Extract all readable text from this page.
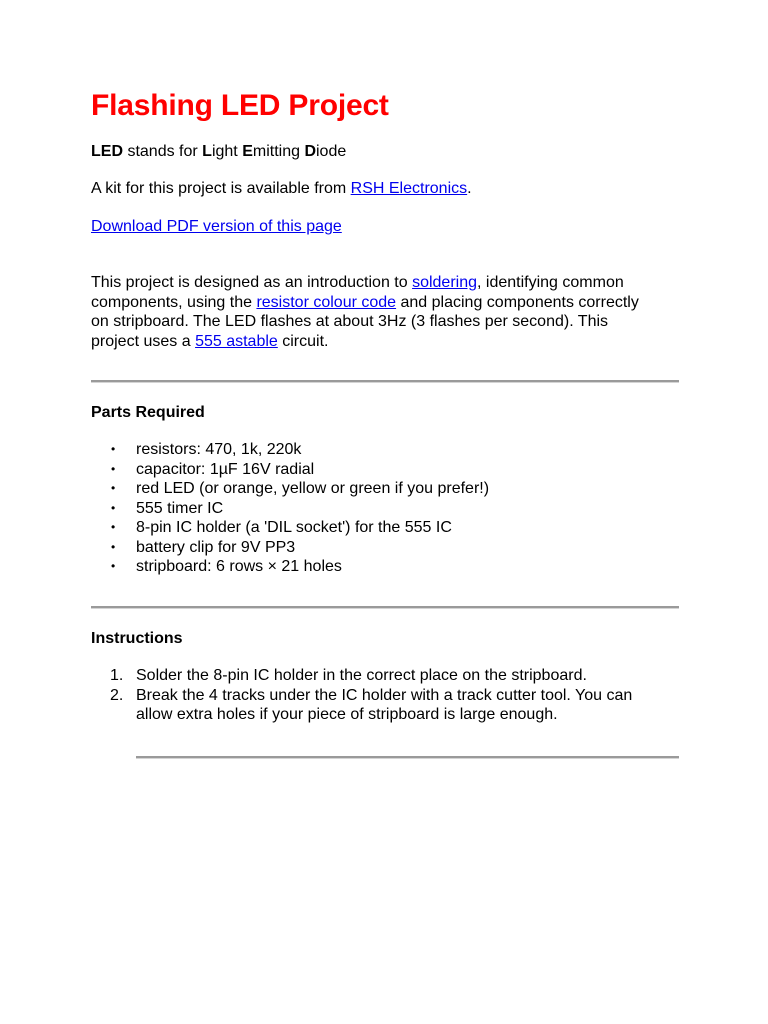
Flashing LED Project

LED stands for Light Emitting Diode

A kit for this project is available from RSH Electronics.

Download PDF version of this page

This project is designed as an introduction to soldering, identifying common

components, using the resistor colour code and placing components correctly

on stripboard. The LED flashes at about 3Hz (3 flashes per second). This

project uses a 555 astable circuit.

Parts Required

• resistors: 470, 1k, 220k
• capacitor: 1µF 16V radial
• red LED (or orange, yellow or green if you prefer!)
• 555 timer IC
• 8-pin IC holder (a 'DIL socket') for the 555 IC
• battery clip for 9V PP3
• stripboard: 6 rows × 21 holes

Instructions

1. Solder the 8-pin IC holder in the correct place on the stripboard.
2. Break the 4 tracks under the IC holder with a track cutter tool. You can
allow extra holes if your piece of stripboard is large enough.
